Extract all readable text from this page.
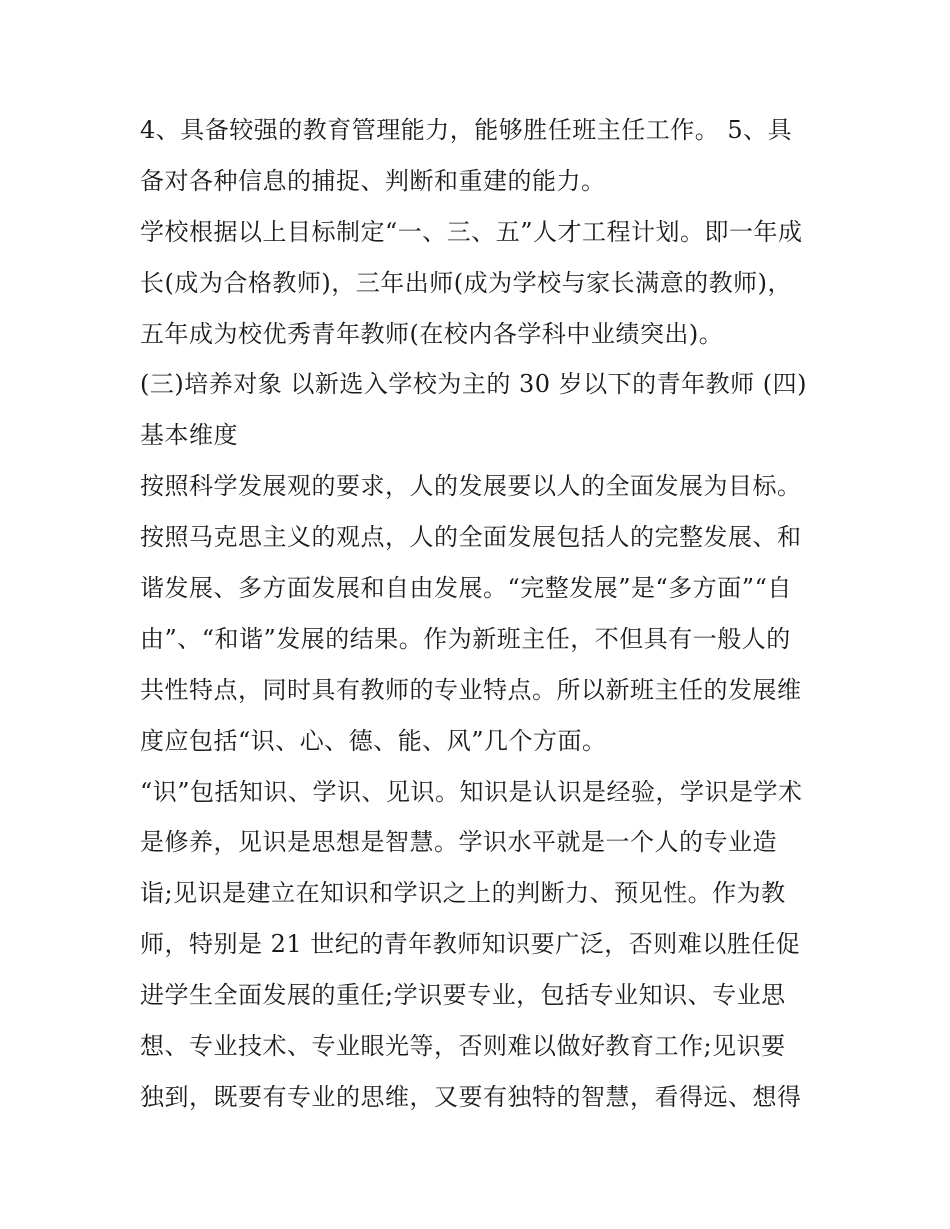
4、具备较强的教育管理能力，能够胜任班主任工作。 5、具
备对各种信息的捕捉、判断和重建的能力。
学校根据以上目标制定“一、三、五”人才工程计划。即一年成
长(成为合格教师)，三年出师(成为学校与家长满意的教师)，
五年成为校优秀青年教师(在校内各学科中业绩突出)。
(三)培养对象 以新选入学校为主的 30 岁以下的青年教师 (四)
基本维度
按照科学发展观的要求，人的发展要以人的全面发展为目标。
按照马克思主义的观点，人的全面发展包括人的完整发展、和
谐发展、多方面发展和自由发展。“完整发展”是“多方面”“自
由”、“和谐”发展的结果。作为新班主任，不但具有一般人的
共性特点，同时具有教师的专业特点。所以新班主任的发展维
度应包括“识、心、德、能、风”几个方面。
“识”包括知识、学识、见识。知识是认识是经验，学识是学术
是修养，见识是思想是智慧。学识水平就是一个人的专业造
诣;见识是建立在知识和学识之上的判断力、预见性。作为教
师，特别是 21 世纪的青年教师知识要广泛，否则难以胜任促
进学生全面发展的重任;学识要专业，包括专业知识、专业思
想、专业技术、专业眼光等，否则难以做好教育工作;见识要
独到，既要有专业的思维，又要有独特的智慧，看得远、想得
